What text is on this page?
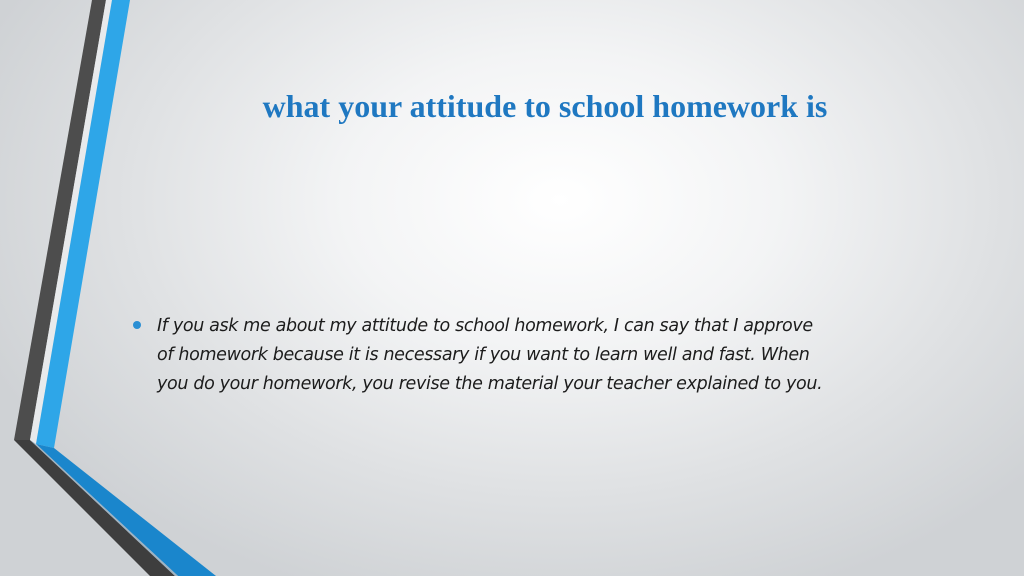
what your attitude to school homework is
If you ask me about my attitude to school homework, I can say that I approve
of homework because it is necessary if you want to learn well and fast. When
you do your homework, you revise the material your teacher explained to you.
